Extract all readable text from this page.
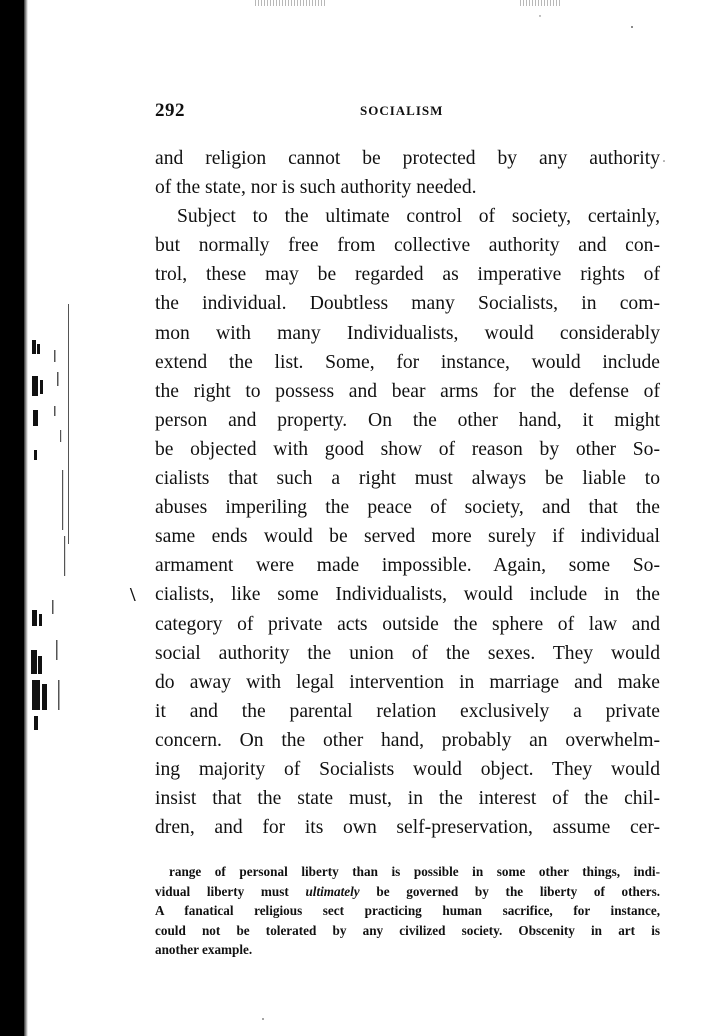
292	SOCIALISM
and religion cannot be protected by any authority
of the state, nor is such authority needed.
Subject to the ultimate control of society, certainly,
but normally free from collective authority and con-
trol, these may be regarded as imperative rights of
the individual. Doubtless many Socialists, in com-
mon with many Individualists, would considerably
extend the list. Some, for instance, would include
the right to possess and bear arms for the defense of
person and property. On the other hand, it might
be objected with good show of reason by other So-
cialists that such a right must always be liable to
abuses imperiling the peace of society, and that the
same ends would be served more surely if individual
armament were made impossible. Again, some So-
cialists, like some Individualists, would include in the
category of private acts outside the sphere of law and
social authority the union of the sexes. They would
do away with legal intervention in marriage and make
it and the parental relation exclusively a private
concern. On the other hand, probably an overwhelm-
ing majority of Socialists would object. They would
insist that the state must, in the interest of the chil-
dren, and for its own self-preservation, assume cer-
\
range of personal liberty than is possible in some other things, indi-
vidual liberty must ultimately be governed by the liberty of others.
A fanatical religious sect practicing human sacrifice, for instance,
could not be tolerated by any civilized society. Obscenity in art is
another example.
